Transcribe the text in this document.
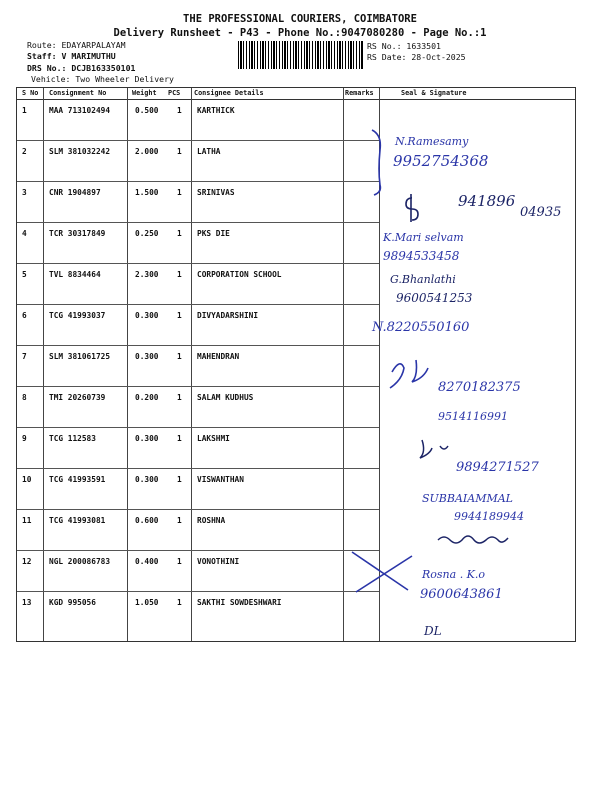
THE PROFESSIONAL COURIERS, COIMBATORE
Delivery Runsheet - P43 - Phone No.:9047080280 - Page No.:1
Route: EDAYARPALAYAM
Staff: V MARIMUTHU
DRS No.: DCJB163350101
Vehicle: Two Wheeler Delivery
RS No.: 1633501
RS Date: 28-Oct-2025
S No Consignment No	Weight PCS Consignee Details	Remarks	Seal & Signature
1	MAA 713102494	0.500 1 KARTHICK
2	SLM 381032242	2.000 1 LATHA
3	CNR 1904897	1.500 1 SRINIVAS
4	TCR 30317849	0.250 1 PKS DIE
5	TVL 8834464	2.300 1 CORPORATION SCHOOL
6	TCG 41993037	0.300 1 DIVYADARSHINI
7	SLM 381061725	0.300 1 MAHENDRAN
8	TMI 20260739	0.200 1 SALAM KUDHUS
9	TCG 112583	0.300 1 LAKSHMI
10 TCG 41993591	0.300 1 VISWANTHAN
11 TCG 41993081	0.600 1 ROSHNA
12 NGL 200086783	0.400 1 VONOTHINI
13 KGD 995056	1.050 1 SAKTHI SOWDESHWARI
N.Ramesamy
9952754368
941896
04935
K.Mari selvam
9894533458
G.Bhanlathi
9600541253
N.8220550160
8270182375
9514116991
9894271527
SUBBAIAMMAL
9944189944
Rosna . K.o
9600643861
DL
